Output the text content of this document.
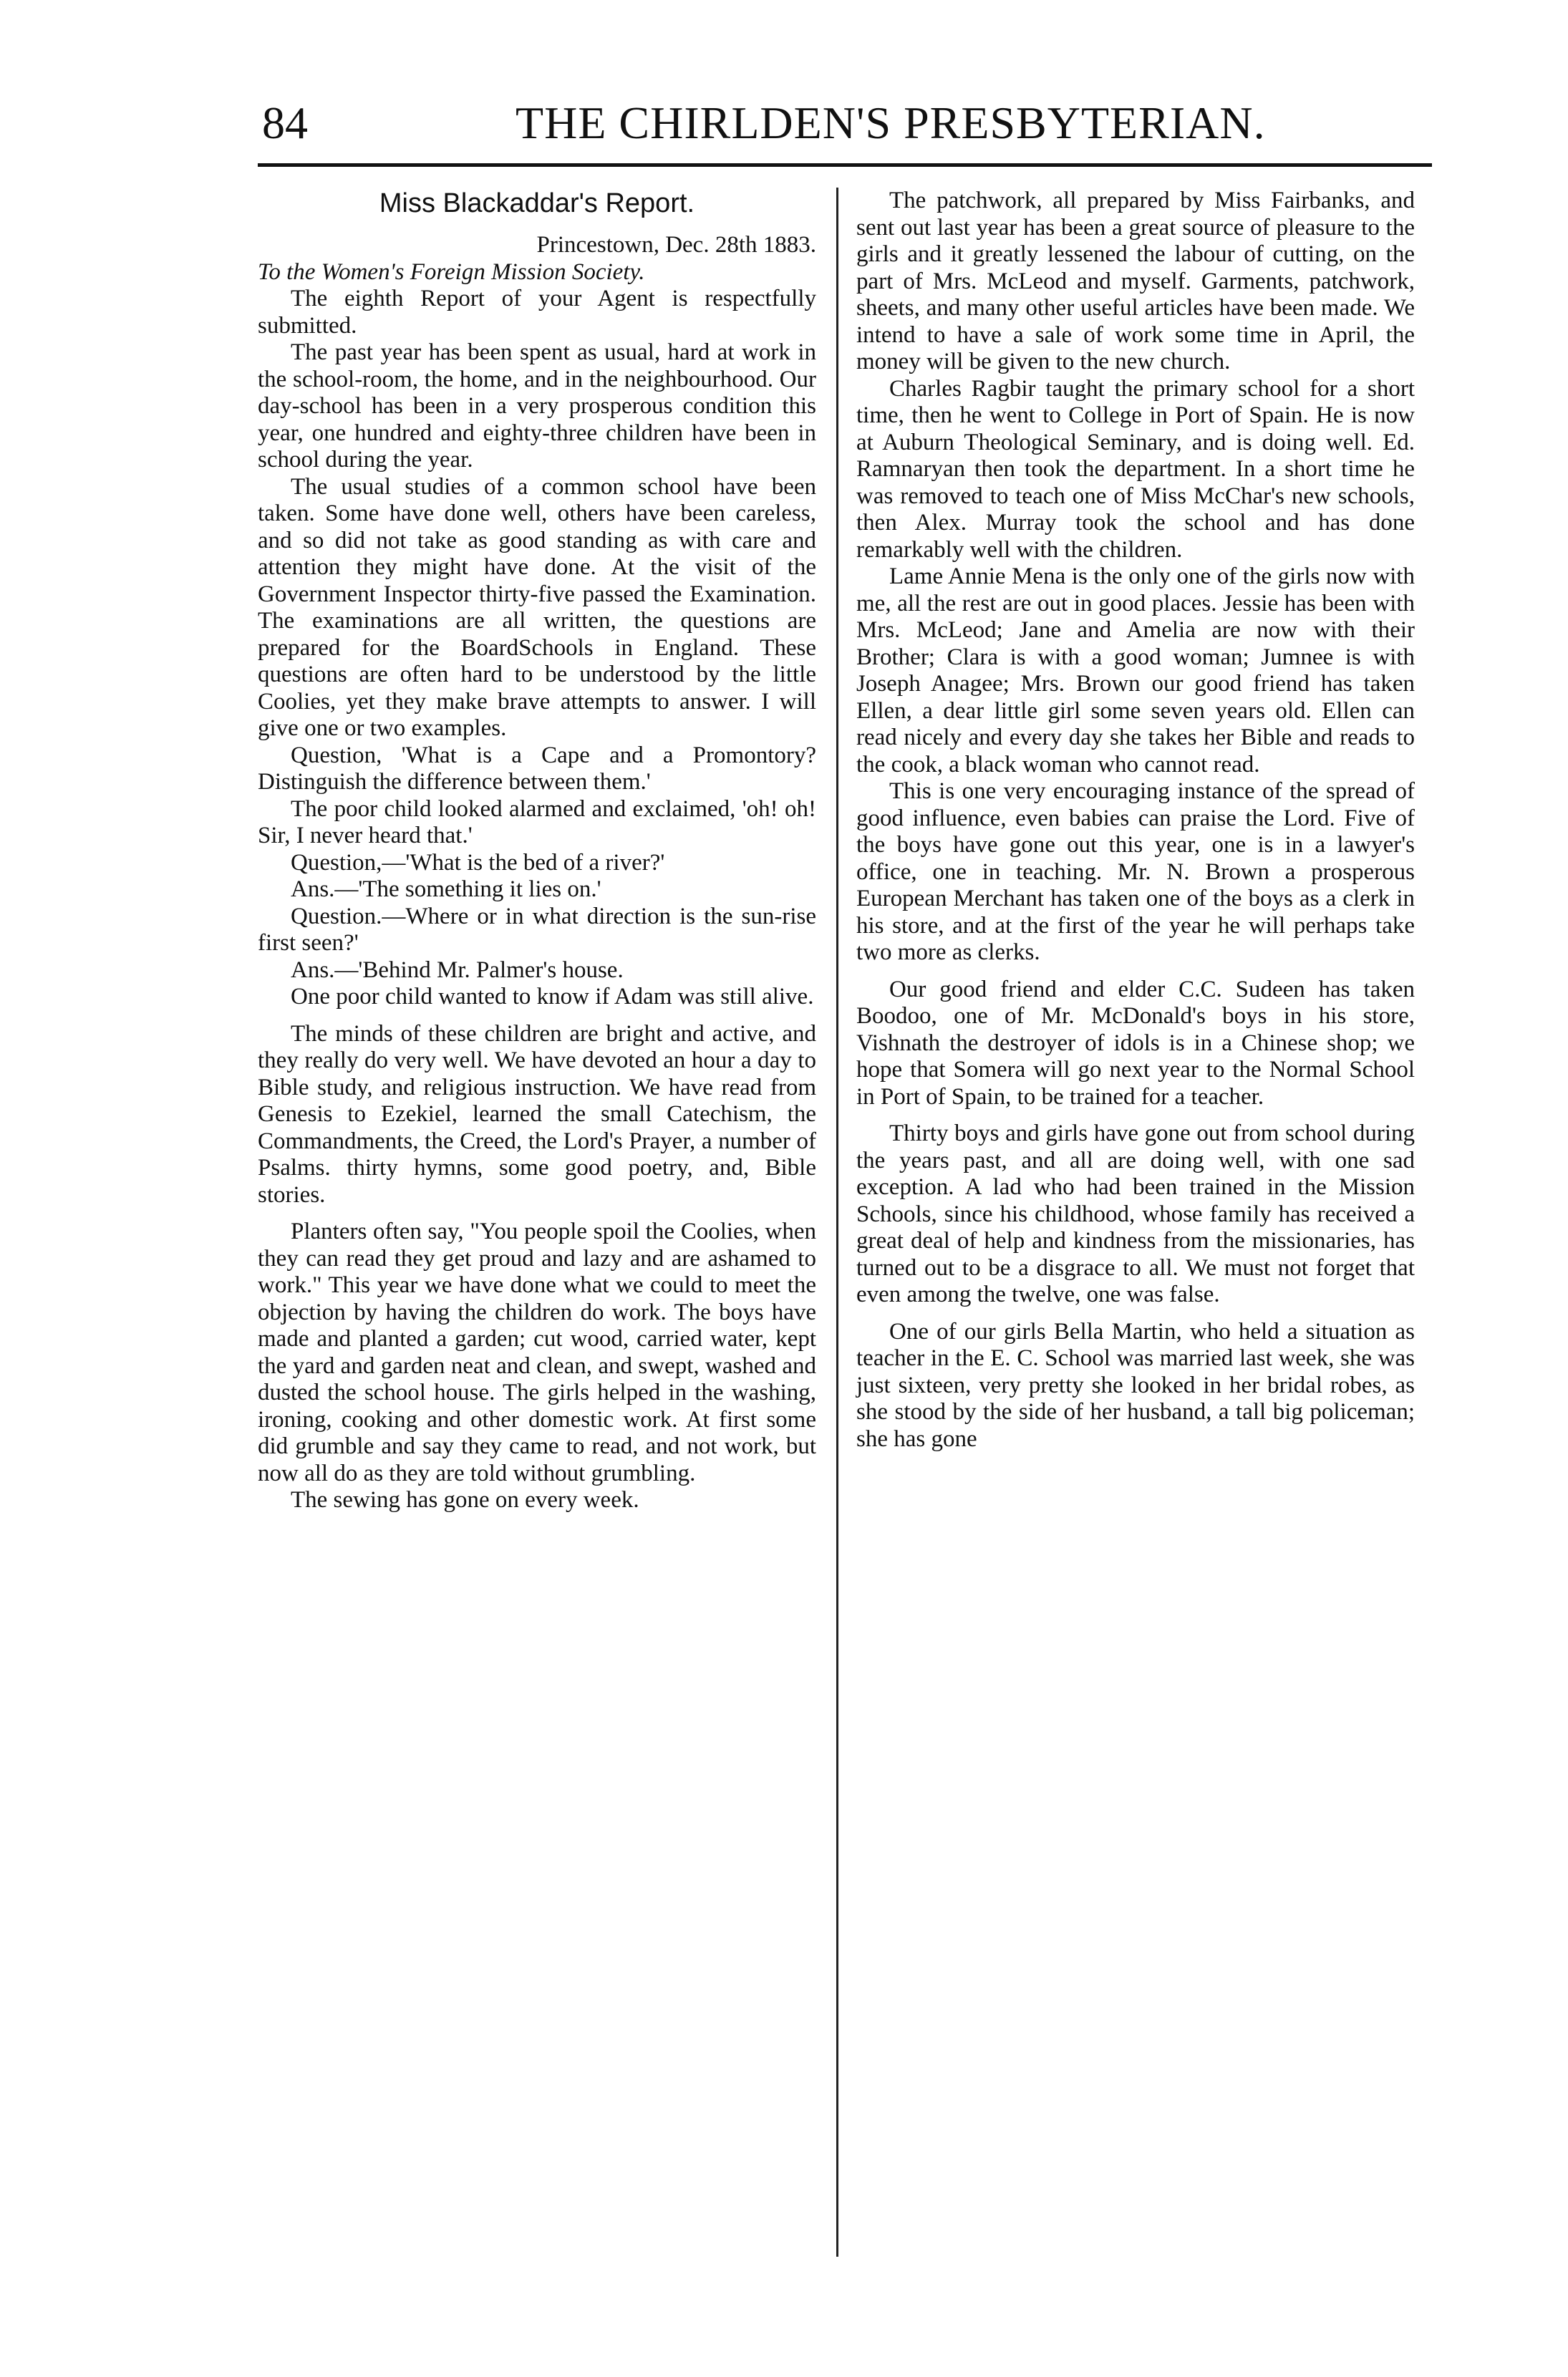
84	THE CHIRLDEN'S PRESBYTERIAN.
Miss Blackaddar's Report.

Princestown, Dec. 28th 1883.

To the Women's Foreign Mission Society.

The eighth Report of your Agent is respectfully submitted.

The past year has been spent as usual, hard at work in the school-room, the home, and in the neighbourhood. Our day-school has been in a very prosperous condition this year, one hundred and eighty-three children have been in school during the year.

The usual studies of a common school have been taken. Some have done well, others have been careless, and so did not take as good standing as with care and attention they might have done. At the visit of the Government Inspector thirty-five passed the Examination. The examinations are all written, the questions are prepared for the BoardSchools in England. These questions are often hard to be understood by the little Coolies, yet they make brave attempts to answer. I will give one or two examples.

Question, 'What is a Cape and a Promontory? Distinguish the difference between them.'

The poor child looked alarmed and exclaimed, 'oh! oh! Sir, I never heard that.'

Question,—'What is the bed of a river?'

Ans.—'The something it lies on.'

Question.—Where or in what direction is the sun-rise first seen?'

Ans.—'Behind Mr. Palmer's house.

One poor child wanted to know if Adam was still alive.

The minds of these children are bright and active, and they really do very well. We have devoted an hour a day to Bible study, and religious instruction. We have read from Genesis to Ezekiel, learned the small Catechism, the Commandments, the Creed, the Lord's Prayer, a number of Psalms. thirty hymns, some good poetry, and, Bible stories.

Planters often say, "You people spoil the Coolies, when they can read they get proud and lazy and are ashamed to work." This year we have done what we could to meet the objection by having the children do work. The boys have made and planted a garden; cut wood, carried water, kept the yard and garden neat and clean, and swept, washed and dusted the school house. The girls helped in the washing, ironing, cooking and other domestic work. At first some did grumble and say they came to read, and not work, but now all do as they are told without grumbling.

The sewing has gone on every week.

The patchwork, all prepared by Miss Fairbanks, and sent out last year has been a great source of pleasure to the girls and it greatly lessened the labour of cutting, on the part of Mrs. McLeod and myself. Garments, patchwork, sheets, and many other useful articles have been made. We intend to have a sale of work some time in April, the money will be given to the new church.

Charles Ragbir taught the primary school for a short time, then he went to College in Port of Spain. He is now at Auburn Theological Seminary, and is doing well. Ed. Ramnaryan then took the department. In a short time he was removed to teach one of Miss McChar's new schools, then Alex. Murray took the school and has done remarkably well with the children.

Lame Annie Mena is the only one of the girls now with me, all the rest are out in good places. Jessie has been with Mrs. McLeod; Jane and Amelia are now with their Brother; Clara is with a good woman; Jumnee is with Joseph Anagee; Mrs. Brown our good friend has taken Ellen, a dear little girl some seven years old. Ellen can read nicely and every day she takes her Bible and reads to the cook, a black woman who cannot read.

This is one very encouraging instance of the spread of good influence, even babies can praise the Lord. Five of the boys have gone out this year, one is in a lawyer's office, one in teaching. Mr. N. Brown a prosperous European Merchant has taken one of the boys as a clerk in his store, and at the first of the year he will perhaps take two more as clerks.

Our good friend and elder C.C. Sudeen has taken Boodoo, one of Mr. McDonald's boys in his store, Vishnath the destroyer of idols is in a Chinese shop; we hope that Somera will go next year to the Normal School in Port of Spain, to be trained for a teacher.

Thirty boys and girls have gone out from school during the years past, and all are doing well, with one sad exception. A lad who had been trained in the Mission Schools, since his childhood, whose family has received a great deal of help and kindness from the missionaries, has turned out to be a disgrace to all. We must not forget that even among the twelve, one was false.

One of our girls Bella Martin, who held a situation as teacher in the E. C. School was married last week, she was just sixteen, very pretty she looked in her bridal robes, as she stood by the side of her husband, a tall big policeman; she has gone
